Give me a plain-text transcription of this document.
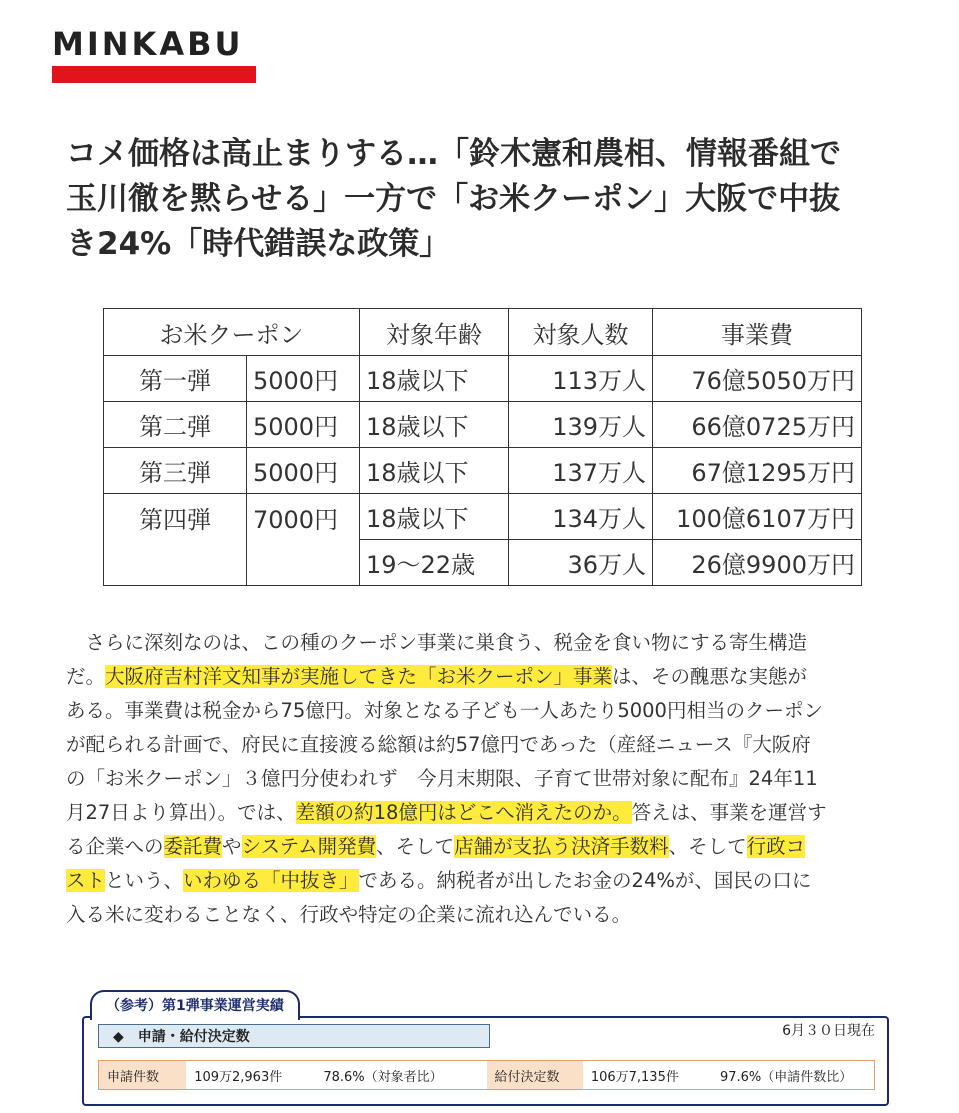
MINKABU
コメ価格は高止まりする…「鈴木憲和農相、情報番組で
玉川徹を黙らせる」一方で「お米クーポン」大阪で中抜
き24%「時代錯誤な政策」
お米クーポン		対象年齢	対象人数	事業費
第一弾	5000円	18歳以下	113万人	76億5050万円
第二弾	5000円	18歳以下	139万人	66億0725万円
第三弾	5000円	18歳以下	137万人	67億1295万円
第四弾	7000円	18歳以下	134万人	100億6107万円
		19～22歳	36万人	26億9900万円

　さらに深刻なのは、この種のクーポン事業に巣食う、税金を食い物にする寄生構造
だ。大阪府吉村洋文知事が実施してきた「お米クーポン」事業は、その醜悪な実態が
ある。事業費は税金から75億円。対象となる子ども一人あたり5000円相当のクーポン
が配られる計画で、府民に直接渡る総額は約57億円であった（産経ニュース『大阪府
の「お米クーポン」３億円分使われず　今月末期限、子育て世帯対象に配布』24年11
月27日より算出）。では、差額の約18億円はどこへ消えたのか。答えは、事業を運営す
る企業への委託費やシステム開発費、そして店舗が支払う決済手数料、そして行政コ
ストという、いわゆる「中抜き」である。納税者が出したお金の24%が、国民の口に
入る米に変わることなく、行政や特定の企業に流れ込んでいる。

6月３０日現在
◆　申請・給付決定数
申請件数	109万2,963件	78.6%（対象者比）	給付決定数	106万7,135件	97.6%（申請件数比）
（参考）第1弾事業運営実績
